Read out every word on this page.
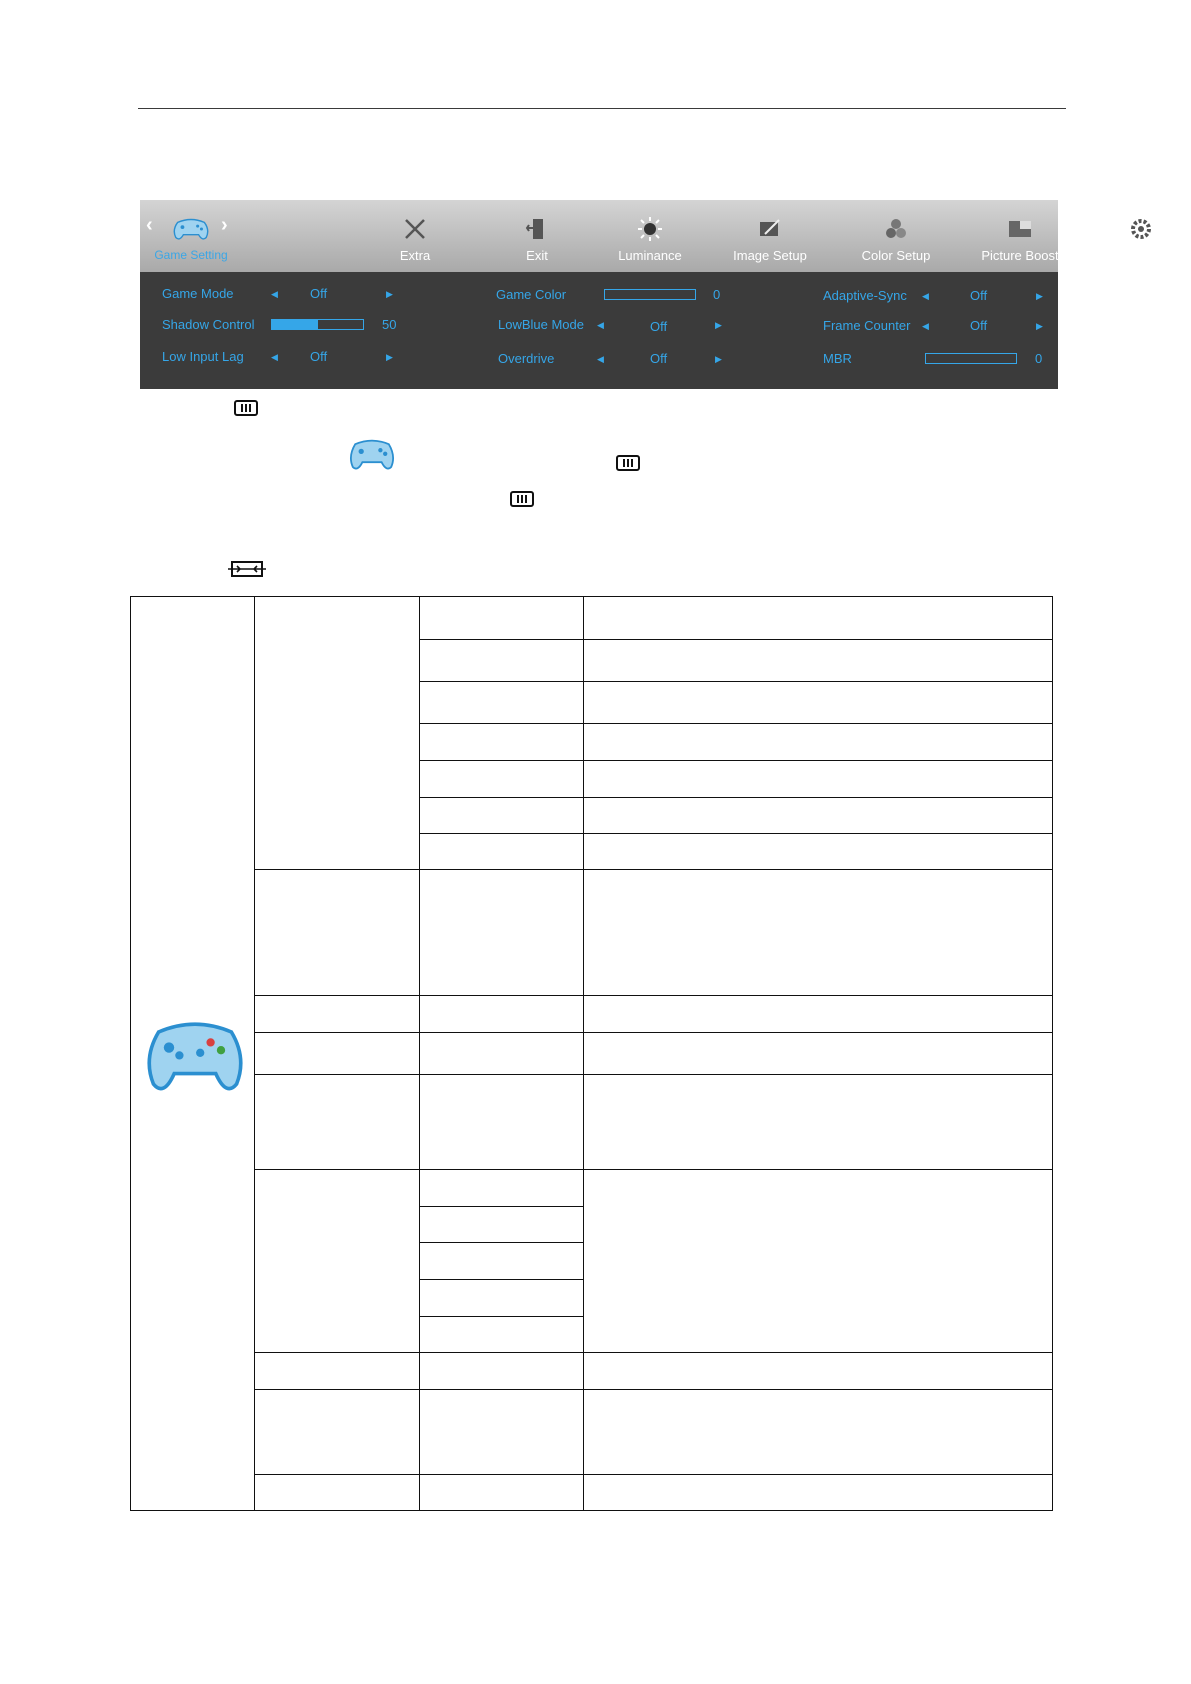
‹	›
Game Setting	Extra	Exit	Luminance	Image Setup	Color Setup	Picture Boost	OSD Setup
Game Mode	◀ Off	▶
Shadow Control	50
Low Input Lag	◀ Off	▶
Game Color	0
LowBlue Mode ◀	Off	▶
Overdrive	◀	Off	▶
Adaptive-Sync ◀	Off	▶
Frame Counter ◀	Off	▶
MBR	0
